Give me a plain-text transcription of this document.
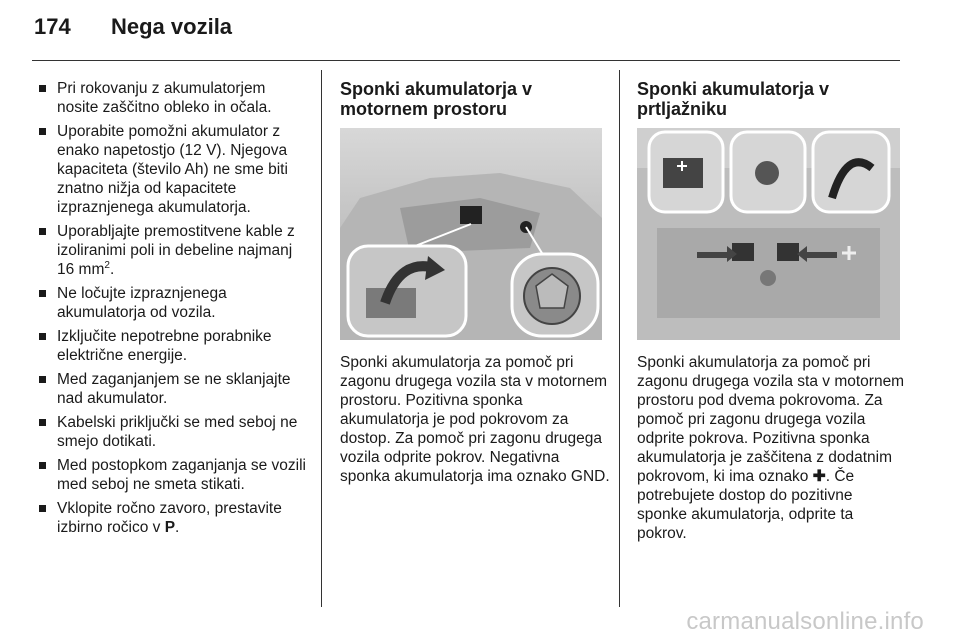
174 Nega vozila
Pri rokovanju z akumulatorjem nosite zaščitno obleko in očala.
Uporabite pomožni akumulator z enako napetostjo (12 V). Njegova kapaciteta (število Ah) ne sme biti znatno nižja od kapacitete izpraznjenega akumulatorja.
Uporabljajte premostitvene kable z izoliranimi poli in debeline najmanj 16 $mm^2$.
Ne ločujte izpraznjenega akumulatorja od vozila.
Izključite nepotrebne porabnike električne energije.
Med zaganjanjem se ne sklanjajte nad akumulator.
Kabelski priključki se med seboj ne smejo dotikati.
Med postopkom zaganjanja se vozili med seboj ne smeta stikati.
Vklopite ročno zavoro, prestavite izbirno ročico v P.
Sponki akumulatorja v motornem prostoru

Sponki akumulatorja za pomoč pri zagonu drugega vozila sta v motornem prostoru. Pozitivna sponka akumulatorja je pod pokrovom za dostop. Za pomoč pri zagonu drugega vozila odprite pokrov. Negativna sponka akumulatorja ima oznako GND.

Sponki akumulatorja v prtljažniku

Sponki akumulatorja za pomoč pri zagonu drugega vozila sta v motornem prostoru pod dvema pokrovoma. Za pomoč pri zagonu drugega vozila odprite pokrova. Pozitivna sponka akumulatorja je zaščitena z dodatnim pokrovom, ki ima oznako ✚. Če potrebujete dostop do pozitivne sponke akumulatorja, odprite ta pokrov.

carmanualsonline.info
